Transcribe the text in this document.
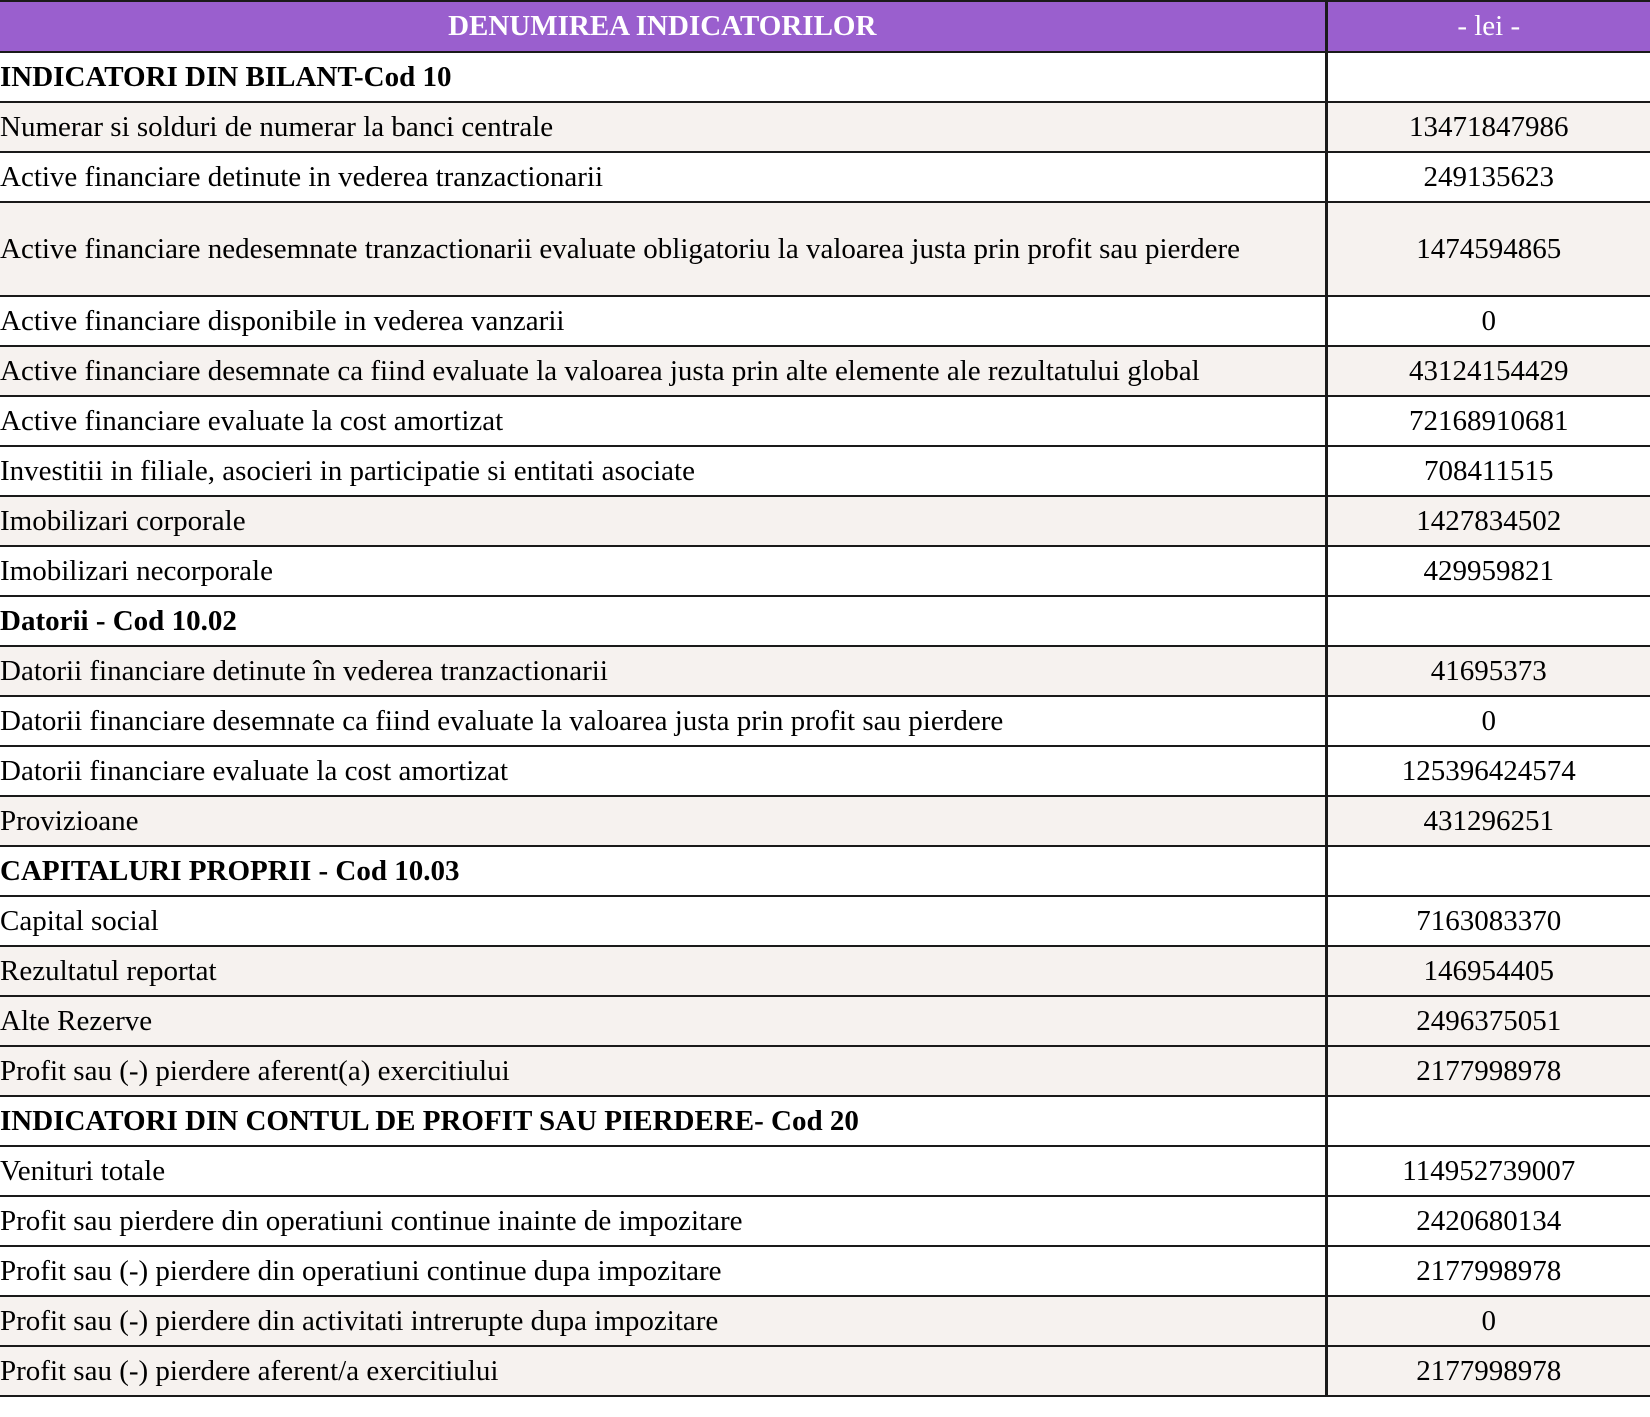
DENUMIREA INDICATORILOR	- lei -
INDICATORI DIN BILANT-Cod 10	
Numerar si solduri de numerar la banci centrale	13471847986
Active financiare detinute in vederea tranzactionarii	249135623
Active financiare nedesemnate tranzactionarii evaluate obligatoriu la valoarea justa prin profit sau pierdere	1474594865
Active financiare disponibile in vederea vanzarii	0
Active financiare desemnate ca fiind evaluate la valoarea justa prin alte elemente ale rezultatului global	43124154429
Active financiare evaluate la cost amortizat	72168910681
Investitii in filiale, asocieri in participatie si entitati asociate	708411515
Imobilizari corporale	1427834502
Imobilizari necorporale	429959821
Datorii - Cod 10.02	
Datorii financiare detinute în vederea tranzactionarii	41695373
Datorii financiare desemnate ca fiind evaluate la valoarea justa prin profit sau pierdere	0
Datorii financiare evaluate la cost amortizat	125396424574
Provizioane	431296251
CAPITALURI PROPRII - Cod 10.03	
Capital social	7163083370
Rezultatul reportat	146954405
Alte Rezerve	2496375051
Profit sau (-) pierdere aferent(a) exercitiului	2177998978
INDICATORI DIN CONTUL DE PROFIT SAU PIERDERE- Cod 20	
Venituri totale	114952739007
Profit sau pierdere din operatiuni continue inainte de impozitare	2420680134
Profit sau (-) pierdere din operatiuni continue dupa impozitare	2177998978
Profit sau (-) pierdere din activitati intrerupte dupa impozitare	0
Profit sau (-) pierdere aferent/a exercitiului	2177998978
